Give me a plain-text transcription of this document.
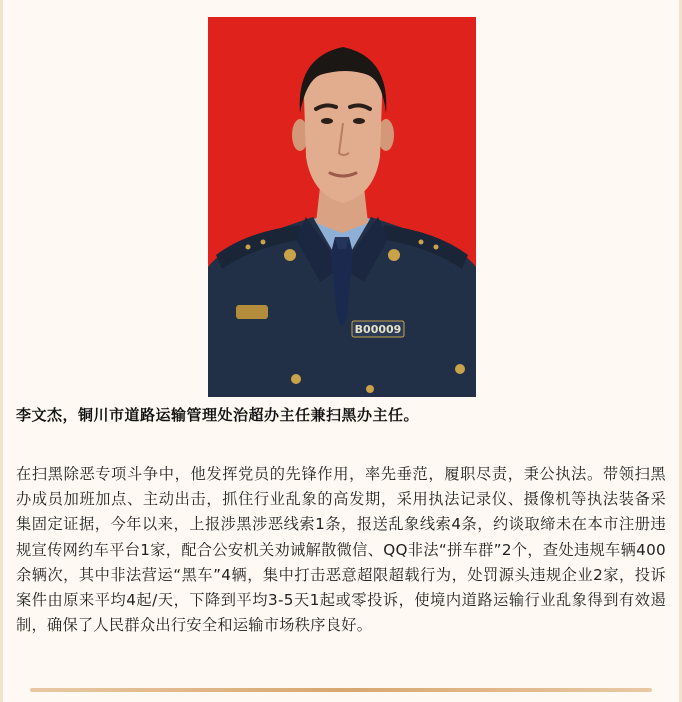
B00009
李文杰，铜川市道路运输管理处治超办主任兼扫黑办主任。

在扫黑除恶专项斗争中，他发挥党员的先锋作用，率先垂范，履职尽责，秉公执法。带领扫黑办成员加班加点、主动出击，抓住行业乱象的高发期，采用执法记录仪、摄像机等执法装备采集固定证据，今年以来，上报涉黑涉恶线索1条，报送乱象线索4条，约谈取缔未在本市注册违规宣传网约车平台1家，配合公安机关劝诫解散微信、QQ非法“拼车群”2个，查处违规车辆400余辆次，其中非法营运“黑车”4辆，集中打击恶意超限超载行为，处罚源头违规企业2家，投诉案件由原来平均4起/天，下降到平均3-5天1起或零投诉，使境内道路运输行业乱象得到有效遏制，确保了人民群众出行安全和运输市场秩序良好。
